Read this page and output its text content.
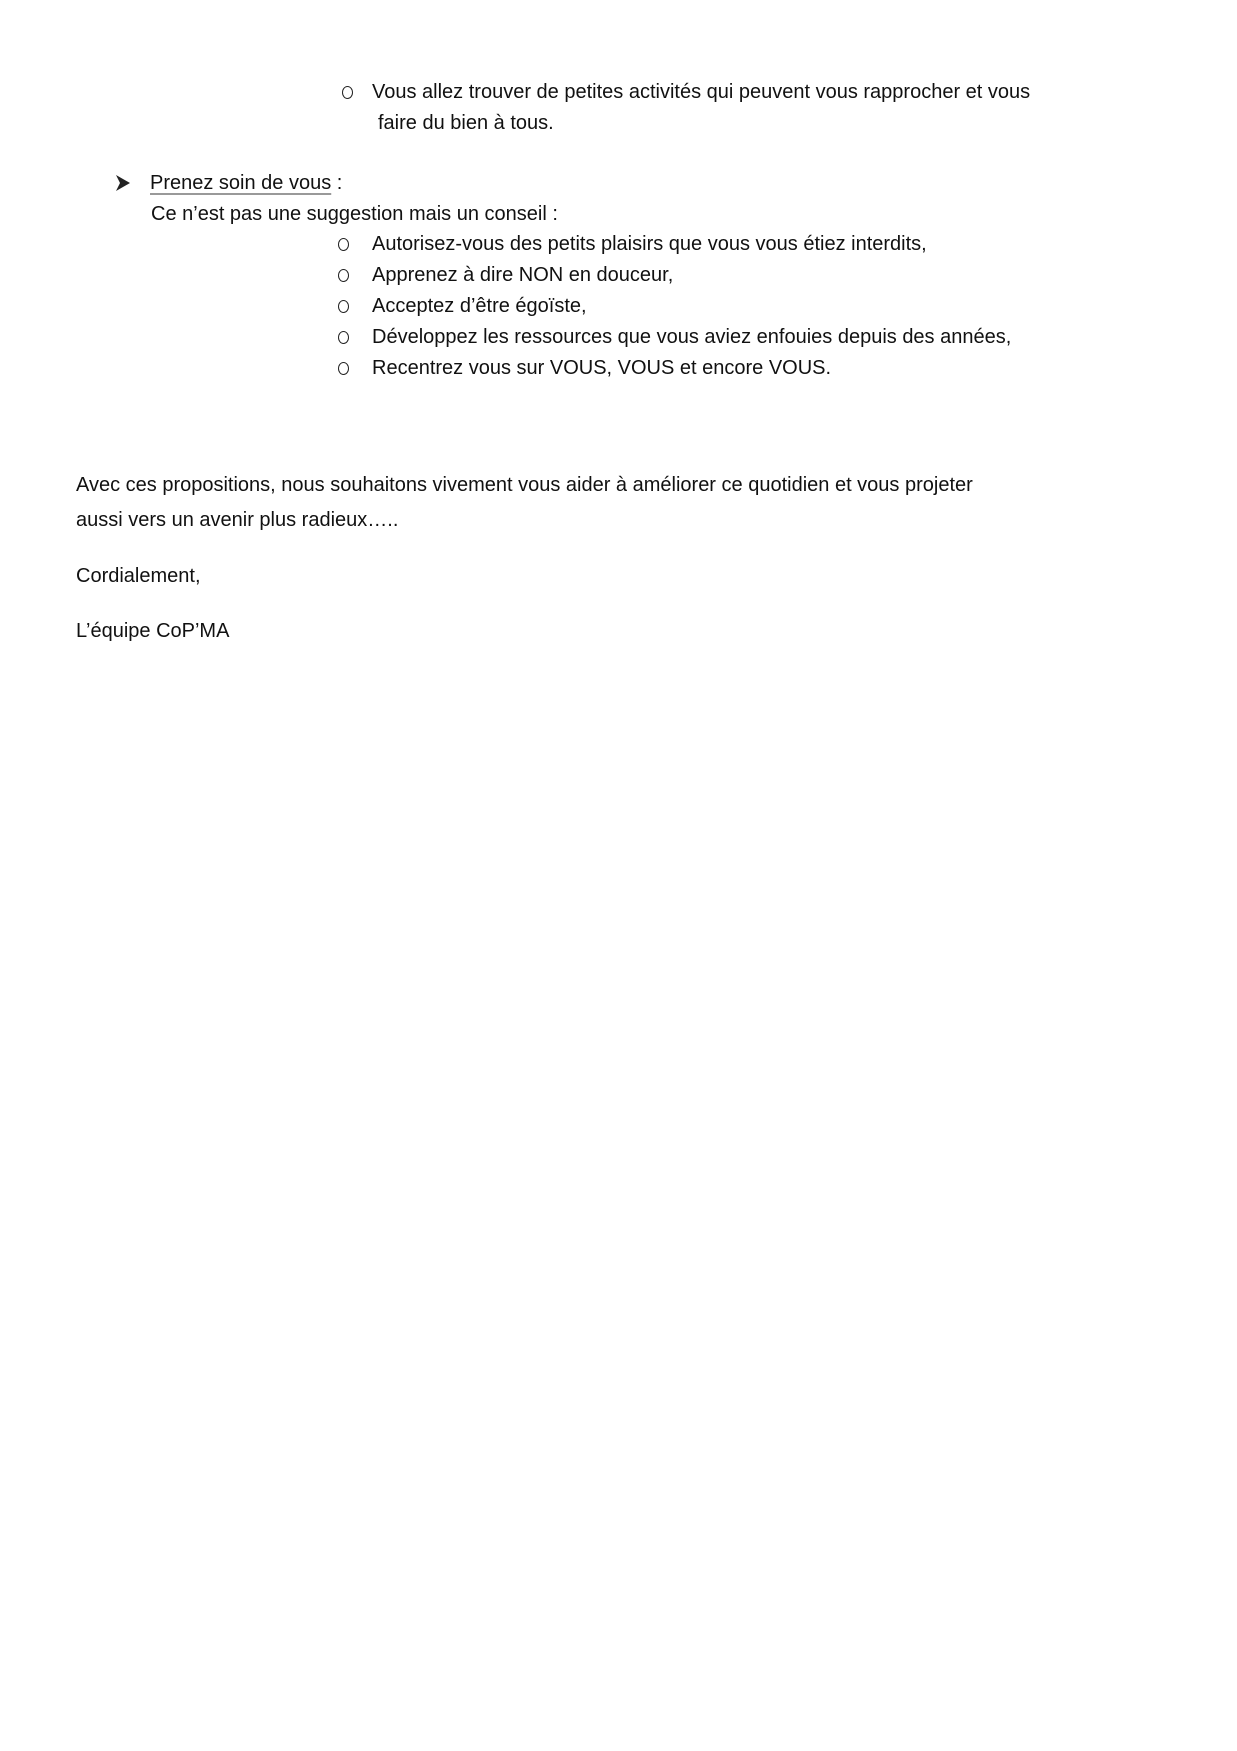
Vous allez trouver de petites activités qui peuvent vous rapprocher et vous
faire du bien à tous.
Prenez soin de vous :
Ce n’est pas une suggestion mais un conseil :
Autorisez-vous des petits plaisirs que vous vous étiez interdits,
Apprenez à dire NON en douceur,
Acceptez d’être égoïste,
Développez les ressources que vous aviez enfouies depuis des années,
Recentrez vous sur VOUS, VOUS et encore VOUS.
Avec ces propositions, nous souhaitons vivement vous aider à améliorer ce quotidien et vous projeter
aussi vers un avenir plus radieux…..
Cordialement,
L’équipe CoP’MA
